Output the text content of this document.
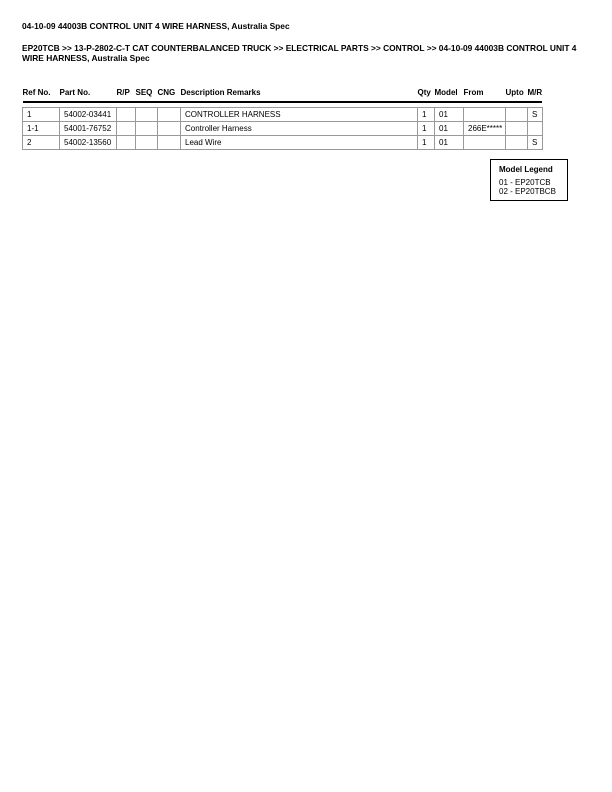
04-10-09 44003B CONTROL UNIT 4 WIRE HARNESS, Australia Spec
EP20TCB >> 13-P-2802-C-T CAT COUNTERBALANCED TRUCK >> ELECTRICAL PARTS >> CONTROL >> 04-10-09 44003B CONTROL UNIT 4 WIRE HARNESS, Australia Spec
Ref No.	Part No.	R/P	SEQ	CNG	Description Remarks	Qty	Model	From	Upto	M/R

1	54002-03441				CONTROLLER HARNESS	1	01			S
1-1	54001-76752				Controller Harness	1	01	266E*****		
2	54002-13560				Lead Wire	1	01			S
Model Legend
01 - EP20TCB
02 - EP20TBCB
